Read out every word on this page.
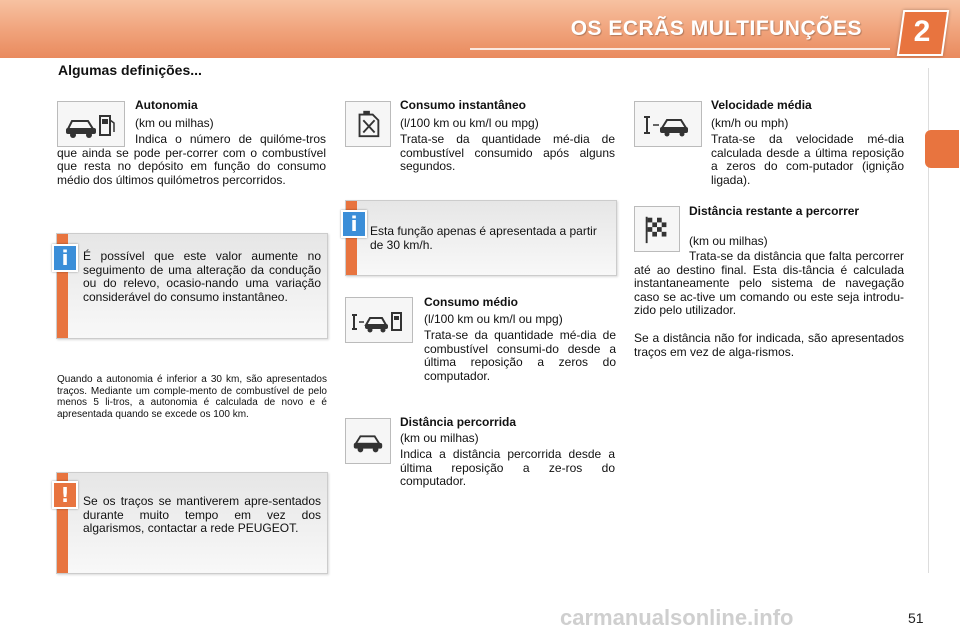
OS ECRÃS MULTIFUNÇÕES	2
Algumas definições...
Autonomia
(km ou milhas)
Indica o número de quilóme-tros que ainda se pode per-correr com o combustível que resta no depósito em função do consumo médio dos últimos quilómetros percorridos.
É possível que este valor aumente no seguimento de uma alteração da condução ou do relevo, ocasio-nando uma variação considerável do consumo instantâneo.
i
Quando a autonomia é inferior a 30 km, são apresentados traços. Mediante um comple-mento de combustível de pelo menos 5 li-tros, a autonomia é calculada de novo e é apresentada quando se excede os 100 km.
Se os traços se mantiverem apre-sentados durante muito tempo em vez dos algarismos, contactar a rede PEUGEOT.
!
Consumo instantâneo
(l/100 km ou km/l ou mpg)
Trata-se da quantidade mé-dia de combustível consumido após alguns segundos.
Esta função apenas é apresentada a partir de 30 km/h.
i
Consumo médio
(l/100 km ou km/l ou mpg)
Trata-se da quantidade mé-dia de combustível consumi-do desde a última reposição a zeros do computador.
Distância percorrida
(km ou milhas)
Indica a distância percorrida desde a última reposição a ze-ros do computador.
Velocidade média
(km/h ou mph)
Trata-se da velocidade mé-dia calculada desde a última reposição a zeros do com-putador (ignição ligada).
Distância restante a percorrer
(km ou milhas)
Trata-se da distância que falta percorrer até ao destino final. Esta dis-tância é calculada instantaneamente pelo sistema de navegação caso se ac-tive um comando ou este seja introdu-zido pelo utilizador.
Se a distância não for indicada, são apresentados traços em vez de alga-rismos.
carmanualsonline.info	51
